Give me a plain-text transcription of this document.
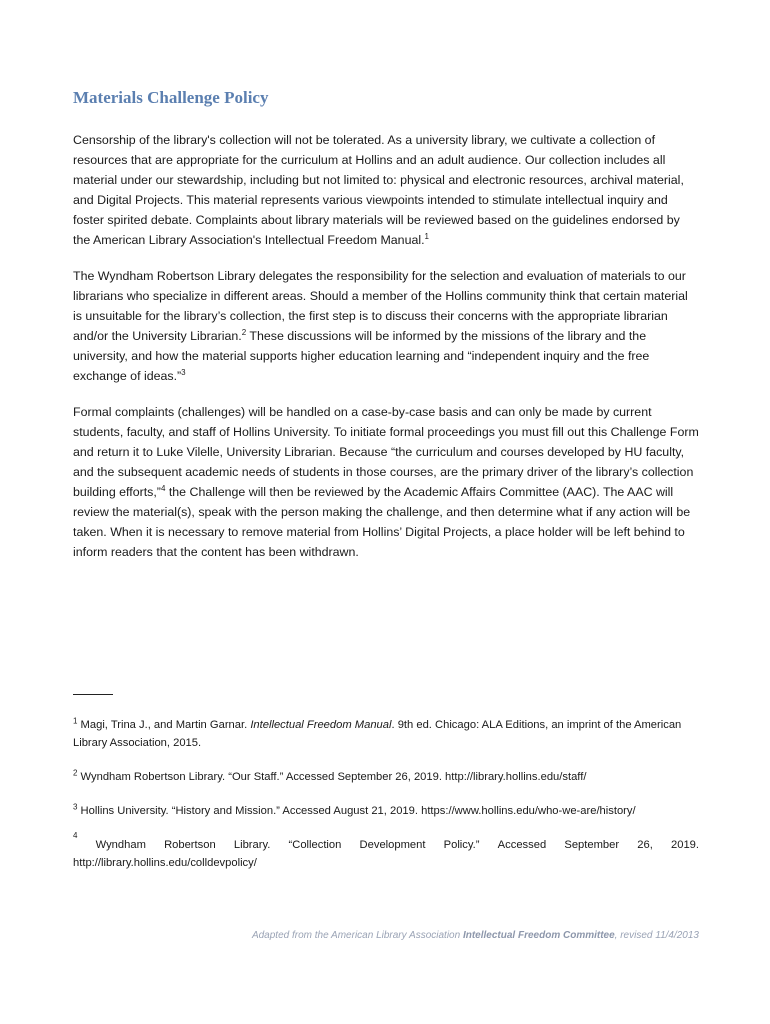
Materials Challenge Policy

Censorship of the library's collection will not be tolerated. As a university library, we cultivate a collection of resources that are appropriate for the curriculum at Hollins and an adult audience. Our collection includes all material under our stewardship, including but not limited to: physical and electronic resources, archival material, and Digital Projects. This material represents various viewpoints intended to stimulate intellectual inquiry and foster spirited debate. Complaints about library materials will be reviewed based on the guidelines endorsed by the American Library Association's Intellectual Freedom Manual.$^1$

The Wyndham Robertson Library delegates the responsibility for the selection and evaluation of materials to our librarians who specialize in different areas. Should a member of the Hollins community think that certain material is unsuitable for the library’s collection, the first step is to discuss their concerns with the appropriate librarian and/or the University Librarian.$^2$ These discussions will be informed by the missions of the library and the university, and how the material supports higher education learning and “independent inquiry and the free exchange of ideas.”$^3$

Formal complaints (challenges) will be handled on a case-by-case basis and can only be made by current students, faculty, and staff of Hollins University. To initiate formal proceedings you must fill out this Challenge Form and return it to Luke Vilelle, University Librarian. Because “the curriculum and courses developed by HU faculty, and the subsequent academic needs of students in those courses, are the primary driver of the library’s collection building efforts,”$^4$ the Challenge will then be reviewed by the Academic Affairs Committee (AAC). The AAC will review the material(s), speak with the person making the challenge, and then determine what if any action will be taken. When it is necessary to remove material from Hollins’ Digital Projects, a place holder will be left behind to inform readers that the content has been withdrawn.

$^1$ Magi, Trina J., and Martin Garnar. Intellectual Freedom Manual. 9th ed. Chicago: ALA Editions, an imprint of the American Library Association, 2015.

$^2$ Wyndham Robertson Library. “Our Staff.” Accessed September 26, 2019. http://library.hollins.edu/staff/

$^3$ Hollins University. “History and Mission.” Accessed August 21, 2019. https://www.hollins.edu/who-we-are/history/

4
Wyndham Robertson Library. “Collection Development Policy.” Accessed September 26, 2019.
http://library.hollins.edu/colldevpolicy/
Adapted from the American Library Association Intellectual Freedom Committee, revised 11/4/2013
